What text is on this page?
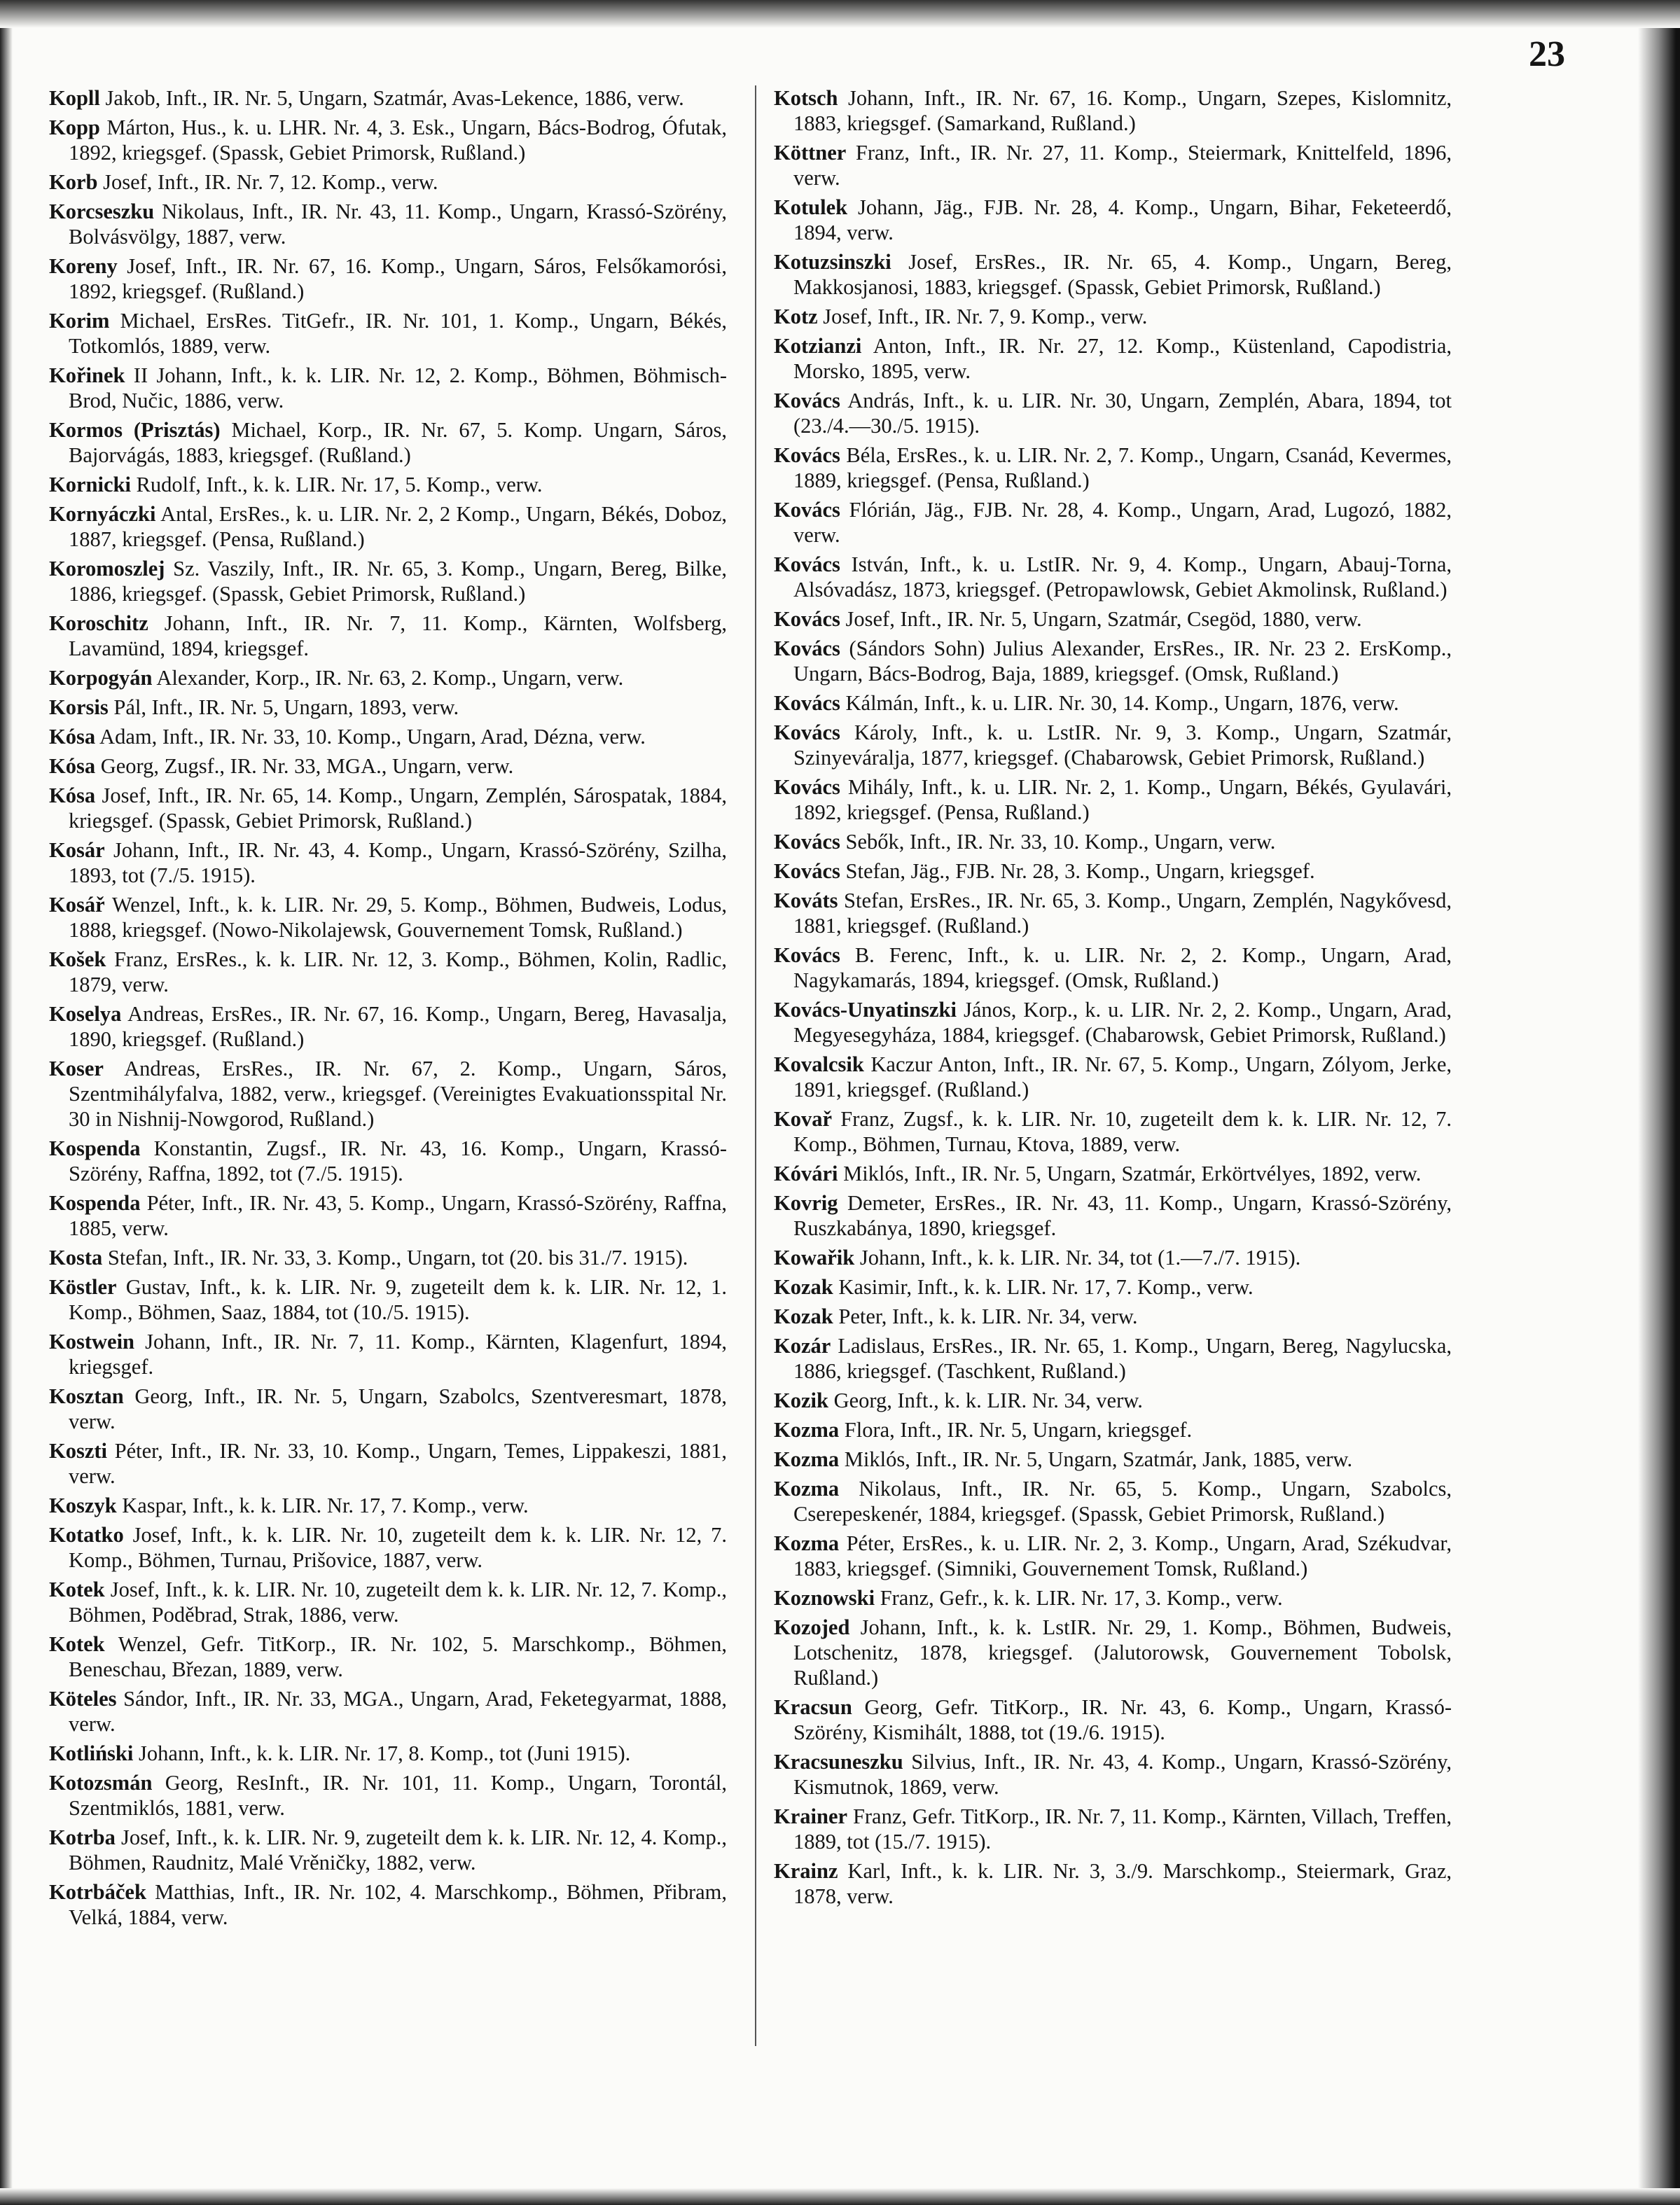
23

Kopll Jakob, Inft., IR. Nr. 5, Ungarn, Szatmár, Avas-Lekence, 1886, verw.

Kopp Márton, Hus., k. u. LHR. Nr. 4, 3. Esk., Ungarn, Bács-Bodrog, Ófutak, 1892, kriegsgef. (Spassk, Gebiet Primorsk, Rußland.)

Korb Josef, Inft., IR. Nr. 7, 12. Komp., verw.

Korcseszku Nikolaus, Inft., IR. Nr. 43, 11. Komp., Ungarn, Krassó-Szörény, Bolvásvölgy, 1887, verw.

Koreny Josef, Inft., IR. Nr. 67, 16. Komp., Ungarn, Sáros, Felsőkamorósi, 1892, kriegsgef. (Rußland.)

Korim Michael, ErsRes. TitGefr., IR. Nr. 101, 1. Komp., Ungarn, Békés, Totkomlós, 1889, verw.

Kořinek II Johann, Inft., k. k. LIR. Nr. 12, 2. Komp., Böhmen, Böhmisch-Brod, Nučic, 1886, verw.

Kormos (Prisztás) Michael, Korp., IR. Nr. 67, 5. Komp. Ungarn, Sáros, Bajorvágás, 1883, kriegsgef. (Rußland.)

Kornicki Rudolf, Inft., k. k. LIR. Nr. 17, 5. Komp., verw.

Kornyáczki Antal, ErsRes., k. u. LIR. Nr. 2, 2 Komp., Ungarn, Békés, Doboz, 1887, kriegsgef. (Pensa, Rußland.)

Koromoszlej Sz. Vaszily, Inft., IR. Nr. 65, 3. Komp., Ungarn, Bereg, Bilke, 1886, kriegsgef. (Spassk, Gebiet Primorsk, Rußland.)

Koroschitz Johann, Inft., IR. Nr. 7, 11. Komp., Kärnten, Wolfsberg, Lavamünd, 1894, kriegsgef.

Korpogyán Alexander, Korp., IR. Nr. 63, 2. Komp., Ungarn, verw.

Korsis Pál, Inft., IR. Nr. 5, Ungarn, 1893, verw.

Kósa Adam, Inft., IR. Nr. 33, 10. Komp., Ungarn, Arad, Dézna, verw.

Kósa Georg, Zugsf., IR. Nr. 33, MGA., Ungarn, verw.

Kósa Josef, Inft., IR. Nr. 65, 14. Komp., Ungarn, Zemplén, Sárospatak, 1884, kriegsgef. (Spassk, Gebiet Primorsk, Rußland.)

Kosár Johann, Inft., IR. Nr. 43, 4. Komp., Ungarn, Krassó-Szörény, Szilha, 1893, tot (7./5. 1915).

Kosář Wenzel, Inft., k. k. LIR. Nr. 29, 5. Komp., Böhmen, Budweis, Lodus, 1888, kriegsgef. (Nowo-Nikolajewsk, Gouvernement Tomsk, Rußland.)

Košek Franz, ErsRes., k. k. LIR. Nr. 12, 3. Komp., Böhmen, Kolin, Radlic, 1879, verw.

Koselya Andreas, ErsRes., IR. Nr. 67, 16. Komp., Ungarn, Bereg, Havasalja, 1890, kriegsgef. (Rußland.)

Koser Andreas, ErsRes., IR. Nr. 67, 2. Komp., Ungarn, Sáros, Szentmihályfalva, 1882, verw., kriegsgef. (Vereinigtes Evakuationsspital Nr. 30 in Nishnij-Nowgorod, Rußland.)

Kospenda Konstantin, Zugsf., IR. Nr. 43, 16. Komp., Ungarn, Krassó-Szörény, Raffna, 1892, tot (7./5. 1915).

Kospenda Péter, Inft., IR. Nr. 43, 5. Komp., Ungarn, Krassó-Szörény, Raffna, 1885, verw.

Kosta Stefan, Inft., IR. Nr. 33, 3. Komp., Ungarn, tot (20. bis 31./7. 1915).

Köstler Gustav, Inft., k. k. LIR. Nr. 9, zugeteilt dem k. k. LIR. Nr. 12, 1. Komp., Böhmen, Saaz, 1884, tot (10./5. 1915).

Kostwein Johann, Inft., IR. Nr. 7, 11. Komp., Kärnten, Klagenfurt, 1894, kriegsgef.

Kosztan Georg, Inft., IR. Nr. 5, Ungarn, Szabolcs, Szentveresmart, 1878, verw.

Koszti Péter, Inft., IR. Nr. 33, 10. Komp., Ungarn, Temes, Lippakeszi, 1881, verw.

Koszyk Kaspar, Inft., k. k. LIR. Nr. 17, 7. Komp., verw.

Kotatko Josef, Inft., k. k. LIR. Nr. 10, zugeteilt dem k. k. LIR. Nr. 12, 7. Komp., Böhmen, Turnau, Prišovice, 1887, verw.

Kotek Josef, Inft., k. k. LIR. Nr. 10, zugeteilt dem k. k. LIR. Nr. 12, 7. Komp., Böhmen, Poděbrad, Strak, 1886, verw.

Kotek Wenzel, Gefr. TitKorp., IR. Nr. 102, 5. Marschkomp., Böhmen, Beneschau, Březan, 1889, verw.

Köteles Sándor, Inft., IR. Nr. 33, MGA., Ungarn, Arad, Feketegyarmat, 1888, verw.

Kotliński Johann, Inft., k. k. LIR. Nr. 17, 8. Komp., tot (Juni 1915).

Kotozsmán Georg, ResInft., IR. Nr. 101, 11. Komp., Ungarn, Torontál, Szentmiklós, 1881, verw.

Kotrba Josef, Inft., k. k. LIR. Nr. 9, zugeteilt dem k. k. LIR. Nr. 12, 4. Komp., Böhmen, Raudnitz, Malé Vrěničky, 1882, verw.

Kotrbáček Matthias, Inft., IR. Nr. 102, 4. Marschkomp., Böhmen, Přibram, Velká, 1884, verw.

Kotsch Johann, Inft., IR. Nr. 67, 16. Komp., Ungarn, Szepes, Kislomnitz, 1883, kriegsgef. (Samarkand, Rußland.)

Köttner Franz, Inft., IR. Nr. 27, 11. Komp., Steiermark, Knittelfeld, 1896, verw.

Kotulek Johann, Jäg., FJB. Nr. 28, 4. Komp., Ungarn, Bihar, Feketeerdő, 1894, verw.

Kotuzsinszki Josef, ErsRes., IR. Nr. 65, 4. Komp., Ungarn, Bereg, Makkosjanosi, 1883, kriegsgef. (Spassk, Gebiet Primorsk, Rußland.)

Kotz Josef, Inft., IR. Nr. 7, 9. Komp., verw.

Kotzianzi Anton, Inft., IR. Nr. 27, 12. Komp., Küstenland, Capodistria, Morsko, 1895, verw.

Kovács András, Inft., k. u. LIR. Nr. 30, Ungarn, Zemplén, Abara, 1894, tot (23./4.—30./5. 1915).

Kovács Béla, ErsRes., k. u. LIR. Nr. 2, 7. Komp., Ungarn, Csanád, Kevermes, 1889, kriegsgef. (Pensa, Rußland.)

Kovács Flórián, Jäg., FJB. Nr. 28, 4. Komp., Ungarn, Arad, Lugozó, 1882, verw.

Kovács István, Inft., k. u. LstIR. Nr. 9, 4. Komp., Ungarn, Abauj-Torna, Alsóvadász, 1873, kriegsgef. (Petropawlowsk, Gebiet Akmolinsk, Rußland.)

Kovács Josef, Inft., IR. Nr. 5, Ungarn, Szatmár, Csegöd, 1880, verw.

Kovács (Sándors Sohn) Julius Alexander, ErsRes., IR. Nr. 23 2. ErsKomp., Ungarn, Bács-Bodrog, Baja, 1889, kriegsgef. (Omsk, Rußland.)

Kovács Kálmán, Inft., k. u. LIR. Nr. 30, 14. Komp., Ungarn, 1876, verw.

Kovács Károly, Inft., k. u. LstIR. Nr. 9, 3. Komp., Ungarn, Szatmár, Szinyeváralja, 1877, kriegsgef. (Chabarowsk, Gebiet Primorsk, Rußland.)

Kovács Mihály, Inft., k. u. LIR. Nr. 2, 1. Komp., Ungarn, Békés, Gyulavári, 1892, kriegsgef. (Pensa, Rußland.)

Kovács Sebők, Inft., IR. Nr. 33, 10. Komp., Ungarn, verw.

Kovács Stefan, Jäg., FJB. Nr. 28, 3. Komp., Ungarn, kriegsgef.

Kováts Stefan, ErsRes., IR. Nr. 65, 3. Komp., Ungarn, Zemplén, Nagykővesd, 1881, kriegsgef. (Rußland.)

Kovács B. Ferenc, Inft., k. u. LIR. Nr. 2, 2. Komp., Ungarn, Arad, Nagykamarás, 1894, kriegsgef. (Omsk, Rußland.)

Kovács-Unyatinszki János, Korp., k. u. LIR. Nr. 2, 2. Komp., Ungarn, Arad, Megyesegyháza, 1884, kriegsgef. (Chabarowsk, Gebiet Primorsk, Rußland.)

Kovalcsik Kaczur Anton, Inft., IR. Nr. 67, 5. Komp., Ungarn, Zólyom, Jerke, 1891, kriegsgef. (Rußland.)

Kovař Franz, Zugsf., k. k. LIR. Nr. 10, zugeteilt dem k. k. LIR. Nr. 12, 7. Komp., Böhmen, Turnau, Ktova, 1889, verw.

Kóvári Miklós, Inft., IR. Nr. 5, Ungarn, Szatmár, Erkörtvélyes, 1892, verw.

Kovrig Demeter, ErsRes., IR. Nr. 43, 11. Komp., Ungarn, Krassó-Szörény, Ruszkabánya, 1890, kriegsgef.

Kowařik Johann, Inft., k. k. LIR. Nr. 34, tot (1.—7./7. 1915).

Kozak Kasimir, Inft., k. k. LIR. Nr. 17, 7. Komp., verw.

Kozak Peter, Inft., k. k. LIR. Nr. 34, verw.

Kozár Ladislaus, ErsRes., IR. Nr. 65, 1. Komp., Ungarn, Bereg, Nagylucska, 1886, kriegsgef. (Taschkent, Rußland.)

Kozik Georg, Inft., k. k. LIR. Nr. 34, verw.

Kozma Flora, Inft., IR. Nr. 5, Ungarn, kriegsgef.

Kozma Miklós, Inft., IR. Nr. 5, Ungarn, Szatmár, Jank, 1885, verw.

Kozma Nikolaus, Inft., IR. Nr. 65, 5. Komp., Ungarn, Szabolcs, Cserepeskenér, 1884, kriegsgef. (Spassk, Gebiet Primorsk, Rußland.)

Kozma Péter, ErsRes., k. u. LIR. Nr. 2, 3. Komp., Ungarn, Arad, Székudvar, 1883, kriegsgef. (Simniki, Gouvernement Tomsk, Rußland.)

Koznowski Franz, Gefr., k. k. LIR. Nr. 17, 3. Komp., verw.

Kozojed Johann, Inft., k. k. LstIR. Nr. 29, 1. Komp., Böhmen, Budweis, Lotschenitz, 1878, kriegsgef. (Jalutorowsk, Gouvernement Tobolsk, Rußland.)

Kracsun Georg, Gefr. TitKorp., IR. Nr. 43, 6. Komp., Ungarn, Krassó-Szörény, Kismihált, 1888, tot (19./6. 1915).

Kracsuneszku Silvius, Inft., IR. Nr. 43, 4. Komp., Ungarn, Krassó-Szörény, Kismutnok, 1869, verw.

Krainer Franz, Gefr. TitKorp., IR. Nr. 7, 11. Komp., Kärnten, Villach, Treffen, 1889, tot (15./7. 1915).

Krainz Karl, Inft., k. k. LIR. Nr. 3, 3./9. Marschkomp., Steiermark, Graz, 1878, verw.
